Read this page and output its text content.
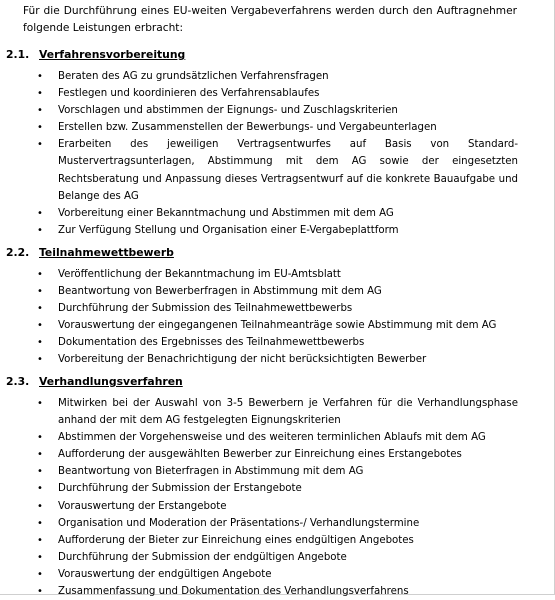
Für die Durchführung eines EU-weiten Vergabeverfahrens werden durch den Auftragnehmer folgende Leistungen erbracht:
2.1. Verfahrensvorbereitung
• Beraten des AG zu grundsätzlichen Verfahrensfragen
• Festlegen und koordinieren des Verfahrensablaufes
• Vorschlagen und abstimmen der Eignungs- und Zuschlagskriterien
• Erstellen bzw. Zusammenstellen der Bewerbungs- und Vergabeunterlagen
• Erarbeiten des jeweiligen Vertragsentwurfes auf Basis von Standard-Mustervertragsunterlagen, Abstimmung mit dem AG sowie der eingesetzten Rechtsberatung und Anpassung dieses Vertragsentwurf auf die konkrete Bauaufgabe und Belange des AG
• Vorbereitung einer Bekanntmachung und Abstimmen mit dem AG
• Zur Verfügung Stellung und Organisation einer E-Vergabeplattform
2.2. Teilnahmewettbewerb
• Veröffentlichung der Bekanntmachung im EU-Amtsblatt
• Beantwortung von Bewerberfragen in Abstimmung mit dem AG
• Durchführung der Submission des Teilnahmewettbewerbs
• Vorauswertung der eingegangenen Teilnahmeanträge sowie Abstimmung mit dem AG
• Dokumentation des Ergebnisses des Teilnahmewettbewerbs
• Vorbereitung der Benachrichtigung der nicht berücksichtigten Bewerber
2.3. Verhandlungsverfahren
• Mitwirken bei der Auswahl von 3-5 Bewerbern je Verfahren für die Verhandlungsphase anhand der mit dem AG festgelegten Eignungskriterien
• Abstimmen der Vorgehensweise und des weiteren terminlichen Ablaufs mit dem AG
• Aufforderung der ausgewählten Bewerber zur Einreichung eines Erstangebotes
• Beantwortung von Bieterfragen in Abstimmung mit dem AG
• Durchführung der Submission der Erstangebote
• Vorauswertung der Erstangebote
• Organisation und Moderation der Präsentations-/ Verhandlungstermine
• Aufforderung der Bieter zur Einreichung eines endgültigen Angebotes
• Durchführung der Submission der endgültigen Angebote
• Vorauswertung der endgültigen Angebote
• Zusammenfassung und Dokumentation des Verhandlungsverfahrens
